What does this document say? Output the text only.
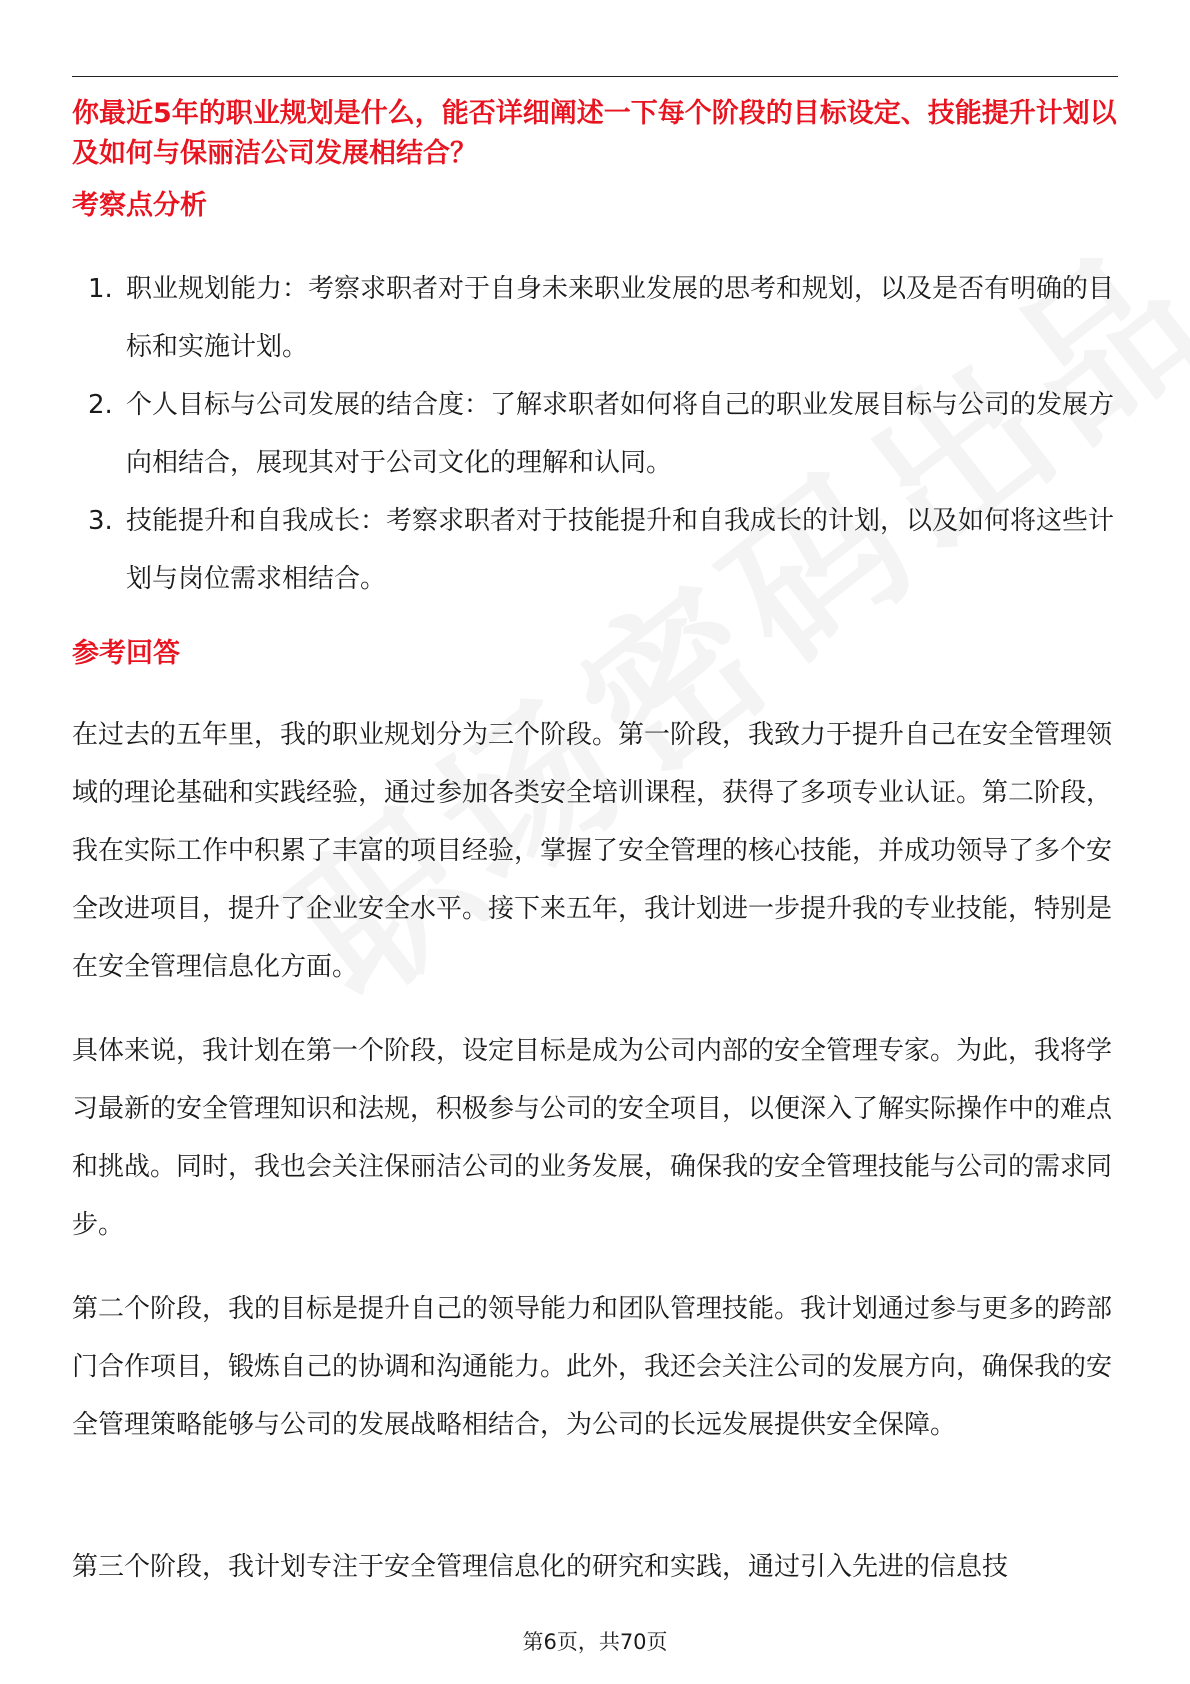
你最近5年的职业规划是什么，能否详细阐述一下每个阶段的目标设定、技能提升计划以及如何与保丽洁公司发展相结合？

考察点分析
1. 职业规划能力：考察求职者对于自身未来职业发展的思考和规划，以及是否有明确的目标和实施计划。
2. 个人目标与公司发展的结合度：了解求职者如何将自己的职业发展目标与公司的发展方向相结合，展现其对于公司文化的理解和认同。
3. 技能提升和自我成长：考察求职者对于技能提升和自我成长的计划，以及如何将这些计划与岗位需求相结合。
参考回答

在过去的五年里，我的职业规划分为三个阶段。第一阶段，我致力于提升自己在安全管理领域的理论基础和实践经验，通过参加各类安全培训课程，获得了多项专业认证。第二阶段，我在实际工作中积累了丰富的项目经验，掌握了安全管理的核心技能，并成功领导了多个安全改进项目，提升了企业安全水平。接下来五年，我计划进一步提升我的专业技能，特别是在安全管理信息化方面。

具体来说，我计划在第一个阶段，设定目标是成为公司内部的安全管理专家。为此，我将学习最新的安全管理知识和法规，积极参与公司的安全项目，以便深入了解实际操作中的难点和挑战。同时，我也会关注保丽洁公司的业务发展，确保我的安全管理技能与公司的需求同步。

第二个阶段，我的目标是提升自己的领导能力和团队管理技能。我计划通过参与更多的跨部门合作项目，锻炼自己的协调和沟通能力。此外，我还会关注公司的发展方向，确保我的安全管理策略能够与公司的发展战略相结合，为公司的长远发展提供安全保障。

第三个阶段，我计划专注于安全管理信息化的研究和实践，通过引入先进的信息技

第6页，共70页
